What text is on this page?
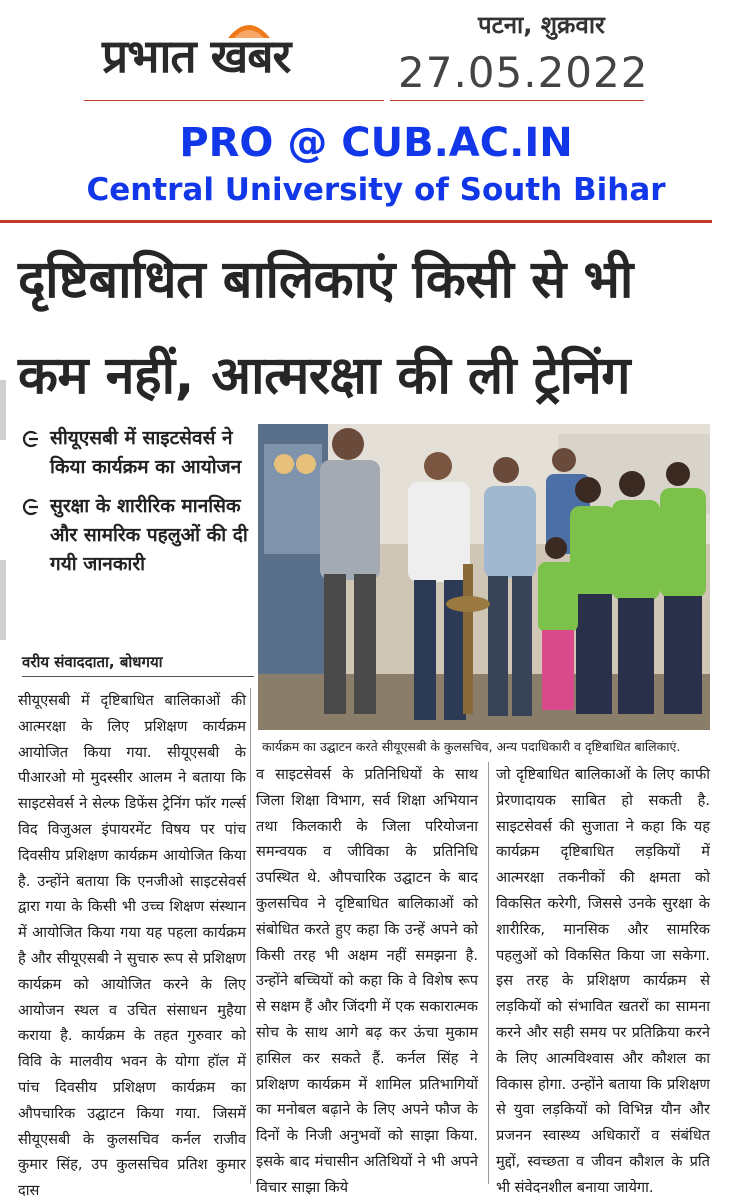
प्रभात खबर
पटना, शुक्रवार
27.05.2022
PRO @ CUB.AC.IN
Central University of South Bihar
दृष्टिबाधित बालिकाएं किसी से भी
कम नहीं, आत्मरक्षा की ली ट्रेनिंग
सीयूएसबी में साइटसेवर्स ने किया कार्यक्रम का आयोजन
सुरक्षा के शारीरिक मानसिक और सामरिक पहलुओं की दी गयी जानकारी
वरीय संवाददाता, बोधगया
कार्यक्रम का उद्घाटन करते सीयूएसबी के कुलसचिव, अन्य पदाधिकारी व दृष्टिबाधित बालिकाएं.
सीयूएसबी में दृष्टिबाधित बालिकाओं की आत्मरक्षा के लिए प्रशिक्षण कार्यक्रम आयोजित किया गया. सीयूएसबी के पीआरओ मो मुदस्सीर आलम ने बताया कि साइटसेवर्स ने सेल्फ डिफेंस ट्रेनिंग फॉर गर्ल्स विद विजुअल इंपायरमेंट विषय पर पांच दिवसीय प्रशिक्षण कार्यक्रम आयोजित किया है. उन्होंने बताया कि एनजीओ साइटसेवर्स द्वारा गया के किसी भी उच्च शिक्षण संस्थान में आयोजित किया गया यह पहला कार्यक्रम है और सीयूएसबी ने सुचारु रूप से प्रशिक्षण कार्यक्रम को आयोजित करने के लिए आयोजन स्थल व उचित संसाधन मुहैया कराया है. कार्यक्रम के तहत गुरुवार को विवि के मालवीय भवन के योगा हॉल में पांच दिवसीय प्रशिक्षण कार्यक्रम का औपचारिक उद्घाटन किया गया. जिसमें सीयूएसबी के कुलसचिव कर्नल राजीव कुमार सिंह, उप कुलसचिव प्रतिश कुमार दास
व साइटसेवर्स के प्रतिनिधियों के साथ जिला शिक्षा विभाग, सर्व शिक्षा अभियान तथा किलकारी के जिला परियोजना समन्वयक व जीविका के प्रतिनिधि उपस्थित थे. औपचारिक उद्घाटन के बाद कुलसचिव ने दृष्टिबाधित बालिकाओं को संबोधित करते हुए कहा कि उन्हें अपने को किसी तरह भी अक्षम नहीं समझना है. उन्होंने बच्चियों को कहा कि वे विशेष रूप से सक्षम हैं और जिंदगी में एक सकारात्मक सोच के साथ आगे बढ़ कर ऊंचा मुकाम हासिल कर सकते हैं. कर्नल सिंह ने प्रशिक्षण कार्यक्रम में शामिल प्रतिभागियों का मनोबल बढ़ाने के लिए अपने फौज के दिनों के निजी अनुभवों को साझा किया. इसके बाद मंचासीन अतिथियों ने भी अपने विचार साझा किये
जो दृष्टिबाधित बालिकाओं के लिए काफी प्रेरणादायक साबित हो सकती है. साइटसेवर्स की सुजाता ने कहा कि यह कार्यक्रम दृष्टिबाधित लड़कियों में आत्मरक्षा तकनीकों की क्षमता को विकसित करेगी, जिससे उनके सुरक्षा के शारीरिक, मानसिक और सामरिक पहलुओं को विकसित किया जा सकेगा. इस तरह के प्रशिक्षण कार्यक्रम से लड़कियों को संभावित खतरों का सामना करने और सही समय पर प्रतिक्रिया करने के लिए आत्मविश्वास और कौशल का विकास होगा. उन्होंने बताया कि प्रशिक्षण से युवा लड़कियों को विभिन्न यौन और प्रजनन स्वास्थ्य अधिकारों व संबंधित मुद्दों, स्वच्छता व जीवन कौशल के प्रति भी संवेदनशील बनाया जायेगा.
